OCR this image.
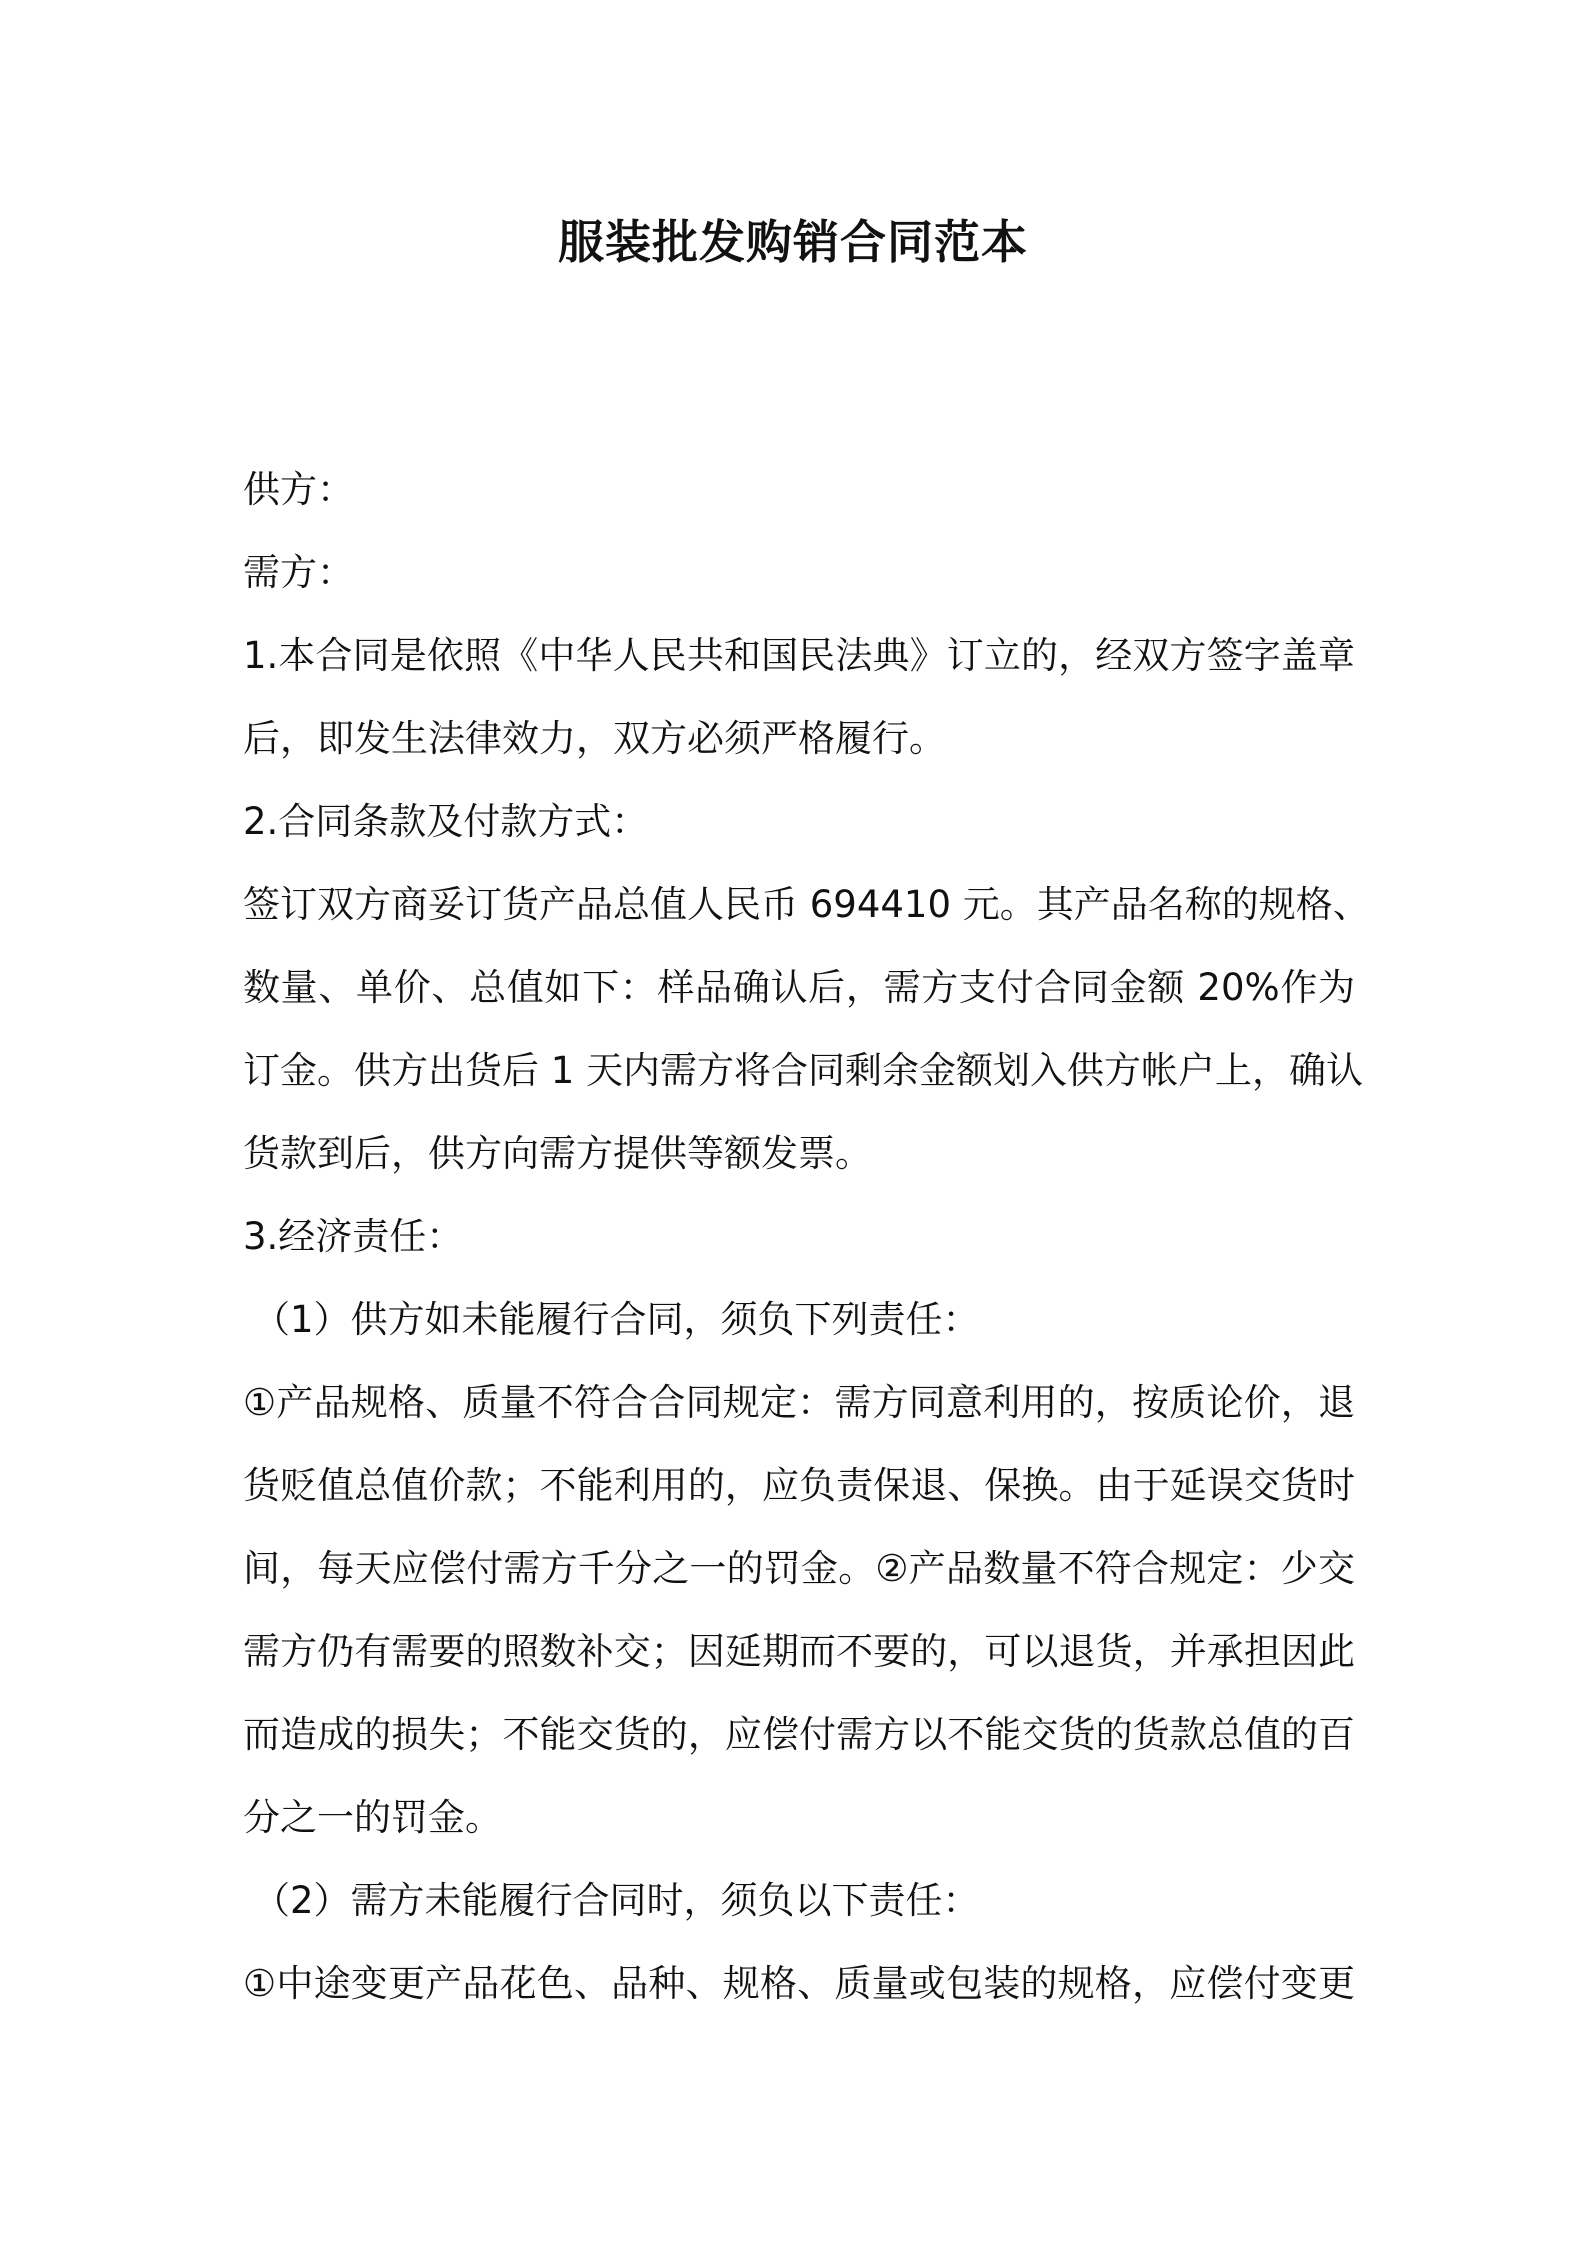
服装批发购销合同范本
供方：
需方：
1.本合同是依照《中华人民共和国民法典》订立的，经双方签字盖章
后，即发生法律效力，双方必须严格履行。
2.合同条款及付款方式：
签订双方商妥订货产品总值人民币 694410 元。其产品名称的规格、
数量、单价、总值如下：样品确认后，需方支付合同金额 20%作为
订金。供方出货后 1 天内需方将合同剩余金额划入供方帐户上，确认
货款到后，供方向需方提供等额发票。
3.经济责任：
（1）供方如未能履行合同，须负下列责任：
①产品规格、质量不符合合同规定：需方同意利用的，按质论价，退
货贬值总值价款；不能利用的，应负责保退、保换。由于延误交货时
间，每天应偿付需方千分之一的罚金。②产品数量不符合规定：少交
需方仍有需要的照数补交；因延期而不要的，可以退货，并承担因此
而造成的损失；不能交货的，应偿付需方以不能交货的货款总值的百
分之一的罚金。
（2）需方未能履行合同时，须负以下责任：
①中途变更产品花色、品种、规格、质量或包装的规格，应偿付变更
